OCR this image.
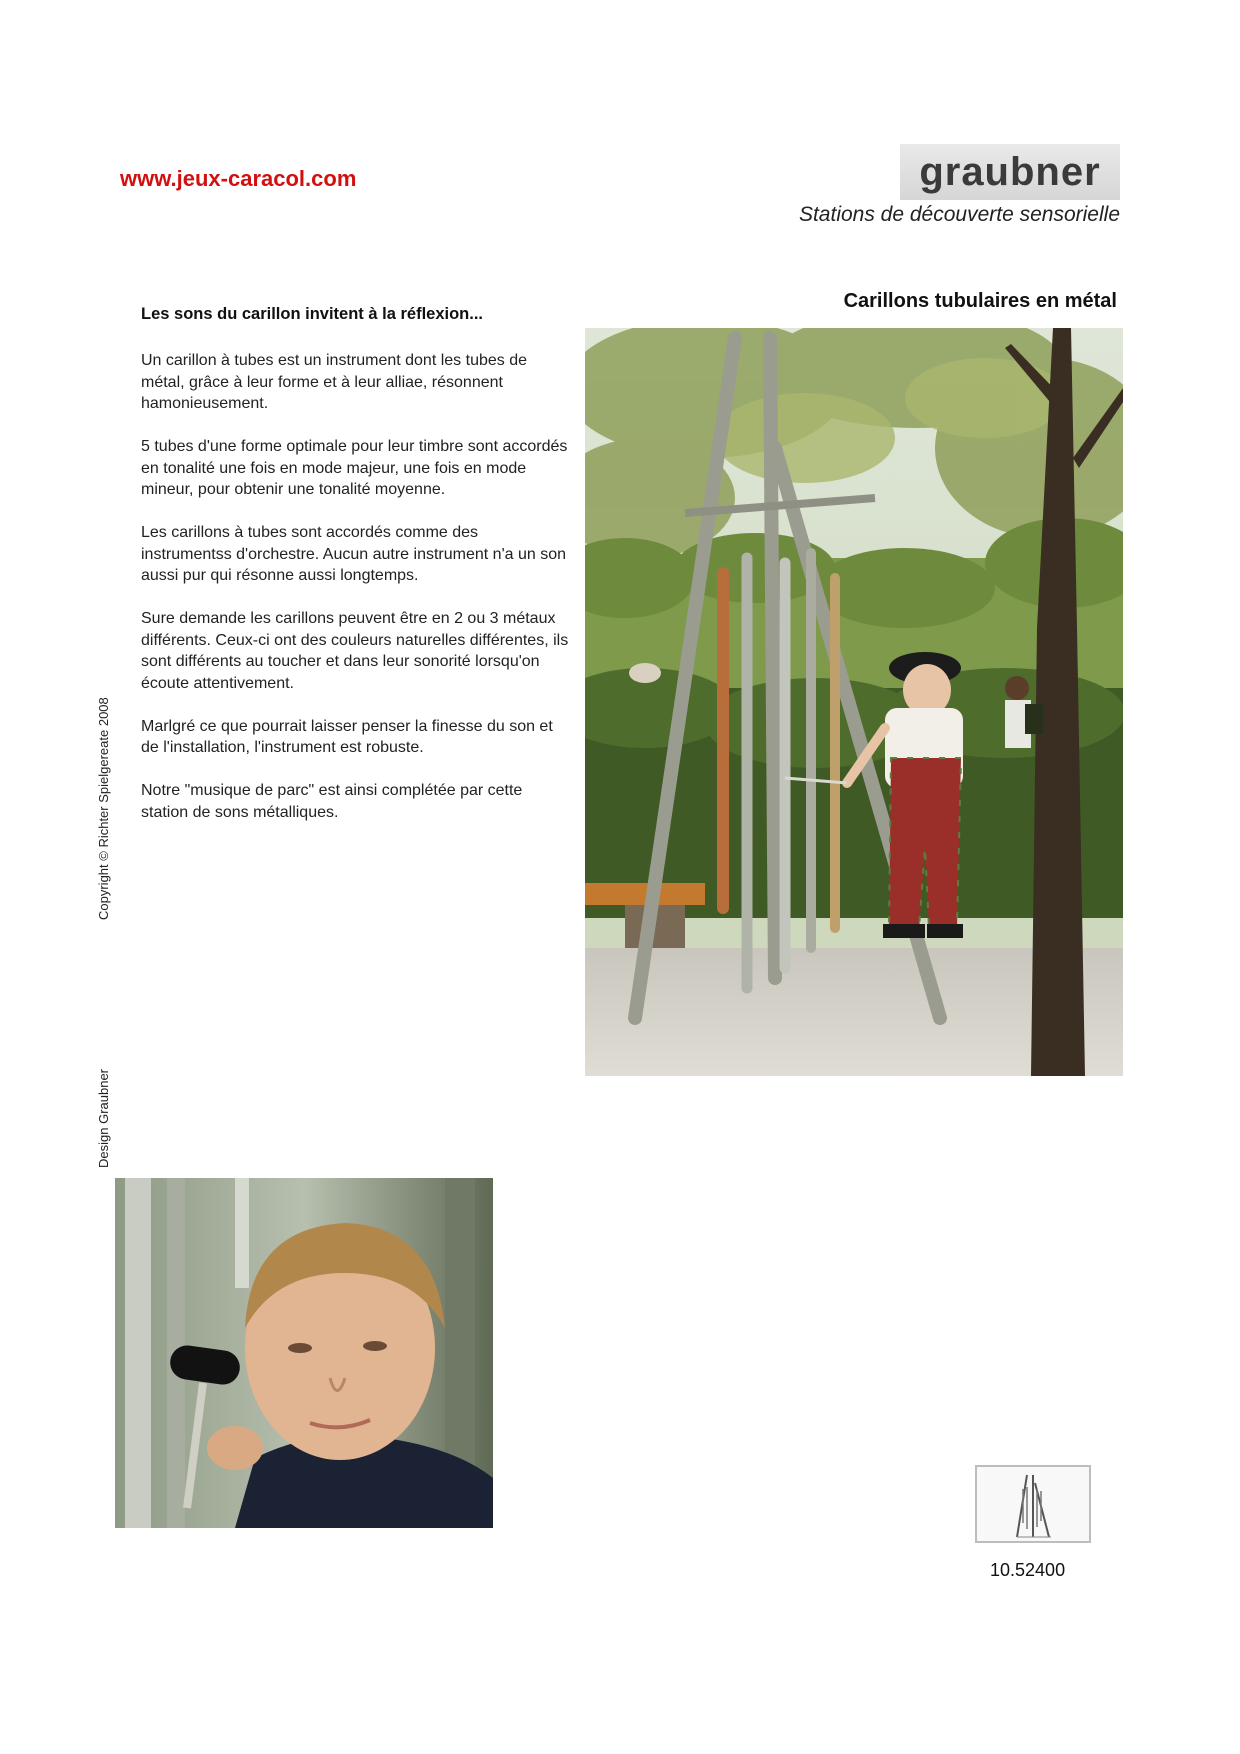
www.jeux-caracol.com	graubner
Stations de découverte sensorielle
Les sons du carillon invitent à la réflexion...
Carillons tubulaires en métal

Un carillon à tubes est un instrument dont les tubes de métal, grâce à leur forme et à leur alliae, résonnent hamonieusement.

5 tubes d'une forme optimale pour leur timbre sont accordés en tonalité une fois en mode majeur, une fois en mode mineur, pour obtenir une tonalité moyenne.

Les carillons à tubes sont accordés comme des instrumentss d'orchestre. Aucun autre instrument n'a un son aussi pur qui résonne aussi longtemps.

Sure demande les carillons peuvent être en 2 ou 3 métaux différents. Ceux-ci ont des couleurs naturelles différentes, ils sont différents au toucher et dans leur sonorité lorsqu'on écoute attentivement.

Marlgré ce que pourrait laisser penser la finesse du son et de l'installation, l'instrument est robuste.

Notre "musique de parc" est ainsi complétée par cette station de sons métalliques.

Copyright © Richter Spielgereate 2008
Design Graubner
10.52400
